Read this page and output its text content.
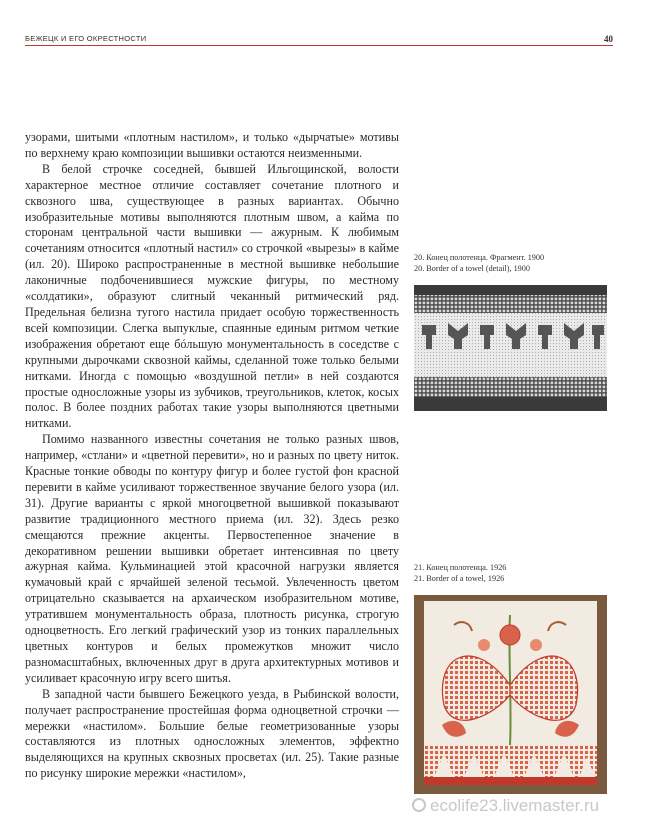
БЕЖЕЦК И ЕГО ОКРЕСТНОСТИ	40

узорами, шитыми «плотным настилом», и только «дырчатые» мотивы по верхнему краю композиции вышивки остаются неизменными.

В белой строчке соседней, бывшей Ильгощинской, волости характерное местное отличие составляет сочетание плотного и сквозного шва, существующее в разных вариантах. Обычно изобразительные мотивы выполняются плотным швом, а кайма по сторонам центральной части вышивки — ажурным. К любимым сочетаниям относится «плотный настил» со строчкой «вырезы» в кайме (ил. 20). Широко распространенные в местной вышивке небольшие лаконичные подбоченившиеся мужские фигуры, по местному «солдатики», образуют слитный чеканный ритмический ряд. Предельная белизна тугого настила придает особую торжественность всей композиции. Слегка выпуклые, спаянные единым ритмом четкие изображения обретают еще бóльшую монументальность в соседстве с крупными дырочками сквозной каймы, сделанной тоже только белыми нитками. Иногда с помощью «воздушной петли» в ней создаются простые односложные узоры из зубчиков, треугольников, клеток, косых полос. В более поздних работах такие узоры выполняются цветными нитками.

Помимо названного известны сочетания не только разных швов, например, «стлани» и «цветной перевити», но и разных по цвету ниток. Красные тонкие обводы по контуру фигур и более густой фон красной перевити в кайме усиливают торжественное звучание белого узора (ил. 31). Другие варианты с яркой многоцветной вышивкой показывают развитие традиционного местного приема (ил. 32). Здесь резко смещаются прежние акценты. Первостепенное значение в декоративном решении вышивки обретает интенсивная по цвету ажурная кайма. Кульминацией этой красочной нагрузки является кумачовый край с ярчайшей зеленой тесьмой. Увлеченность цветом отрицательно сказывается на архаическом изобразительном мотиве, утратившем монументальность образа, плотность рисунка, строгую одноцветность. Его легкий графический узор из тонких параллельных цветных контуров и белых промежутков множит число разномасштабных, включенных друг в друга архитектурных мотивов и усиливает красочную игру всего шитья.

В западной части бывшего Бежецкого уезда, в Рыбинской волости, получает распространение простейшая форма одноцветной строчки — мережки «настилом». Большие белые геометризованные узоры составляются из плотных односложных элементов, эффектно выделяющихся на крупных сквозных просветах (ил. 25). Такие разные по рисунку широкие мережки «настилом»,

20. Конец полотенца. Фрагмент. 1900
20. Border of a towel (detail), 1900
21. Конец полотенца. 1926
21. Border of a towel, 1926
ecolife23.livemaster.ru
